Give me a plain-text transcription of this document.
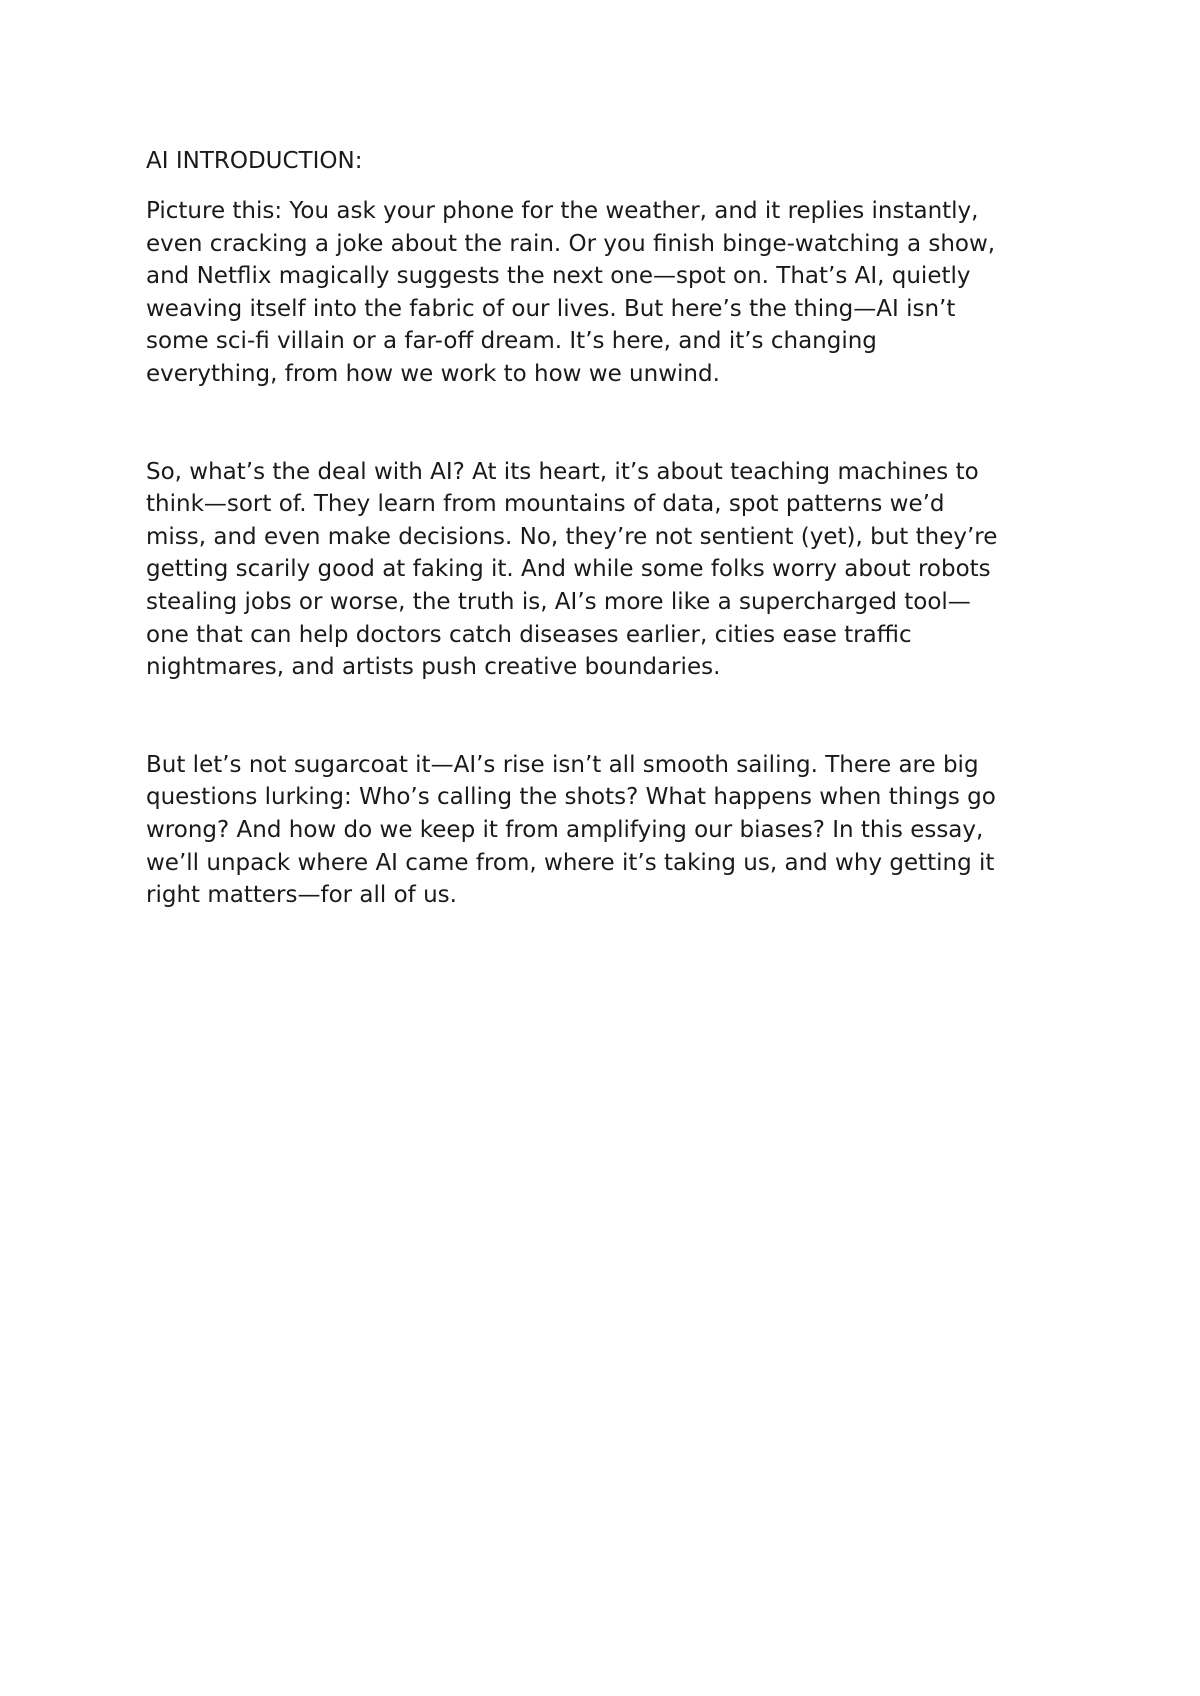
AI INTRODUCTION:

Picture this: You ask your phone for the weather, and it replies instantly,
even cracking a joke about the rain. Or you finish binge-watching a show,
and Netflix magically suggests the next one—spot on. That’s AI, quietly
weaving itself into the fabric of our lives. But here’s the thing—AI isn’t
some sci-fi villain or a far-off dream. It’s here, and it’s changing
everything, from how we work to how we unwind.

So, what’s the deal with AI? At its heart, it’s about teaching machines to
think—sort of. They learn from mountains of data, spot patterns we’d
miss, and even make decisions. No, they’re not sentient (yet), but they’re
getting scarily good at faking it. And while some folks worry about robots
stealing jobs or worse, the truth is, AI’s more like a supercharged tool—
one that can help doctors catch diseases earlier, cities ease traffic
nightmares, and artists push creative boundaries.

But let’s not sugarcoat it—AI’s rise isn’t all smooth sailing. There are big
questions lurking: Who’s calling the shots? What happens when things go
wrong? And how do we keep it from amplifying our biases? In this essay,
we’ll unpack where AI came from, where it’s taking us, and why getting it
right matters—for all of us.
